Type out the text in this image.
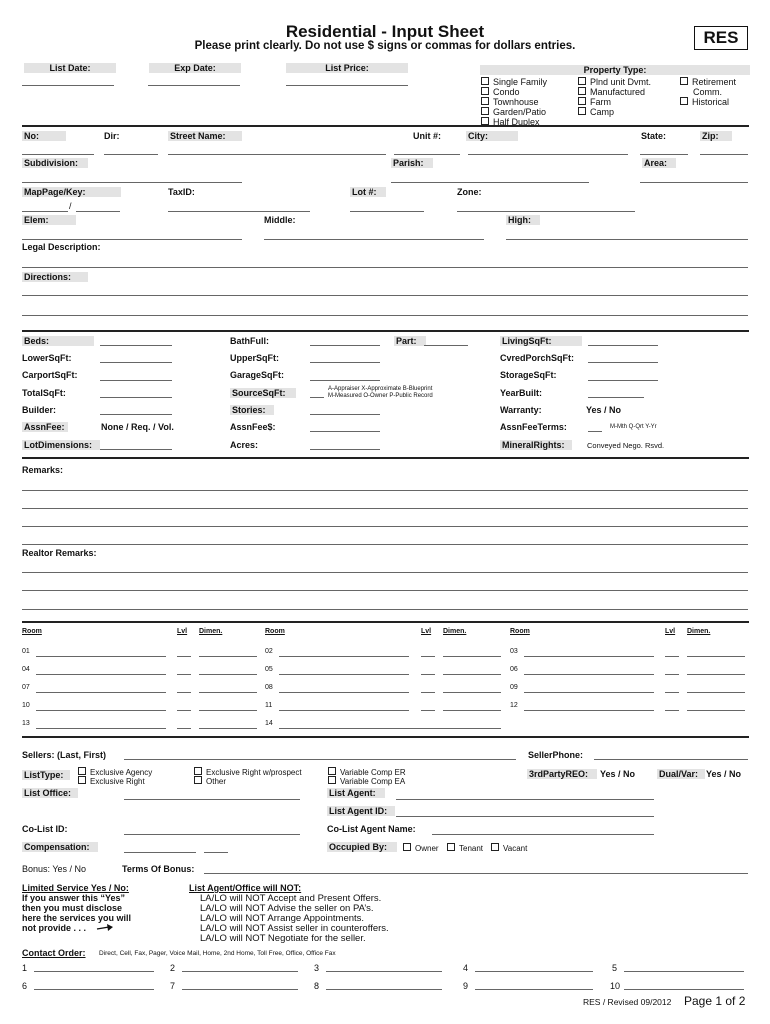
Residential - Input Sheet
Please print clearly. Do not use $ signs or commas for dollars entries.	RES
List Date:	Exp Date:	List Price:	Property Type:
Single Family
Condo
Townhouse
Garden/Patio
Half Duplex
Plnd unit Dvmt.
Manufactured
Farm
Camp
Retirement
Comm.
Historical
No:	Dir:	Street Name:	Unit #:	City:	State:	Zip:
Subdivision:	Parish:	Area:
MapPage/Key:
/
TaxID:	Lot #:	Zone:
Elem:	Middle:	High:
Legal Description:
Directions:
Beds:	BathFull:	Part:	LivingSqFt:
LowerSqFt:	UpperSqFt:	CvredPorchSqFt:
CarportSqFt:	GarageSqFt:	StorageSqFt:
TotalSqFt:	SourceSqFt:	A-Appraiser X-Approximate B-Blueprint
M-Measured O-Owner P-Public Record	YearBuilt:
Builder:	Stories:	Warranty:	Yes / No
AssnFee:	None / Req. / Vol.	AssnFee$:	AssnFeeTerms:	M-Mth Q-Qrt Y-Yr
LotDimensions:	Acres:	MineralRights:	Conveyed Nego. Rsvd.
Remarks:
Realtor Remarks:
Sellers: (Last, First)	SellerPhone:
ListType:	Exclusive Agency
Exclusive Right
Exclusive Right w/prospect
Other
Variable Comp ER
Variable Comp EA
3rdPartyREO:	Yes / No	Dual/Var: Yes / No
List Office:	List Agent:
List Agent ID:
Co-List ID:	Co-List Agent Name:
Compensation:	Occupied By:	Owner	Tenant	Vacant
Bonus: Yes / No	Terms Of Bonus:
Limited Service Yes / No:
If you answer this “Yes”
then you must disclose
here the services you will
not provide . . .
List Agent/Office will NOT:
LA/LO will NOT Accept and Present Offers.
LA/LO will NOT Advise the seller on PA’s.
LA/LO will NOT Arrange Appointments.
LA/LO will NOT Assist seller in counteroffers.
LA/LO will NOT Negotiate for the seller.
Contact Order: Direct, Cell, Fax, Pager, Voice Mail, Home, 2nd Home, Toll Free, Office, Office Fax
1	2	3	4	5
6	7	8	9	10
RES / Revised 09/2012 Page 1 of 2
Room	Lvl Dimen.
01
04
07
10
13
Room	Lvl Dimen.
02
05
08
11
14
Room	Lvl Dimen.
03
06
09
12
